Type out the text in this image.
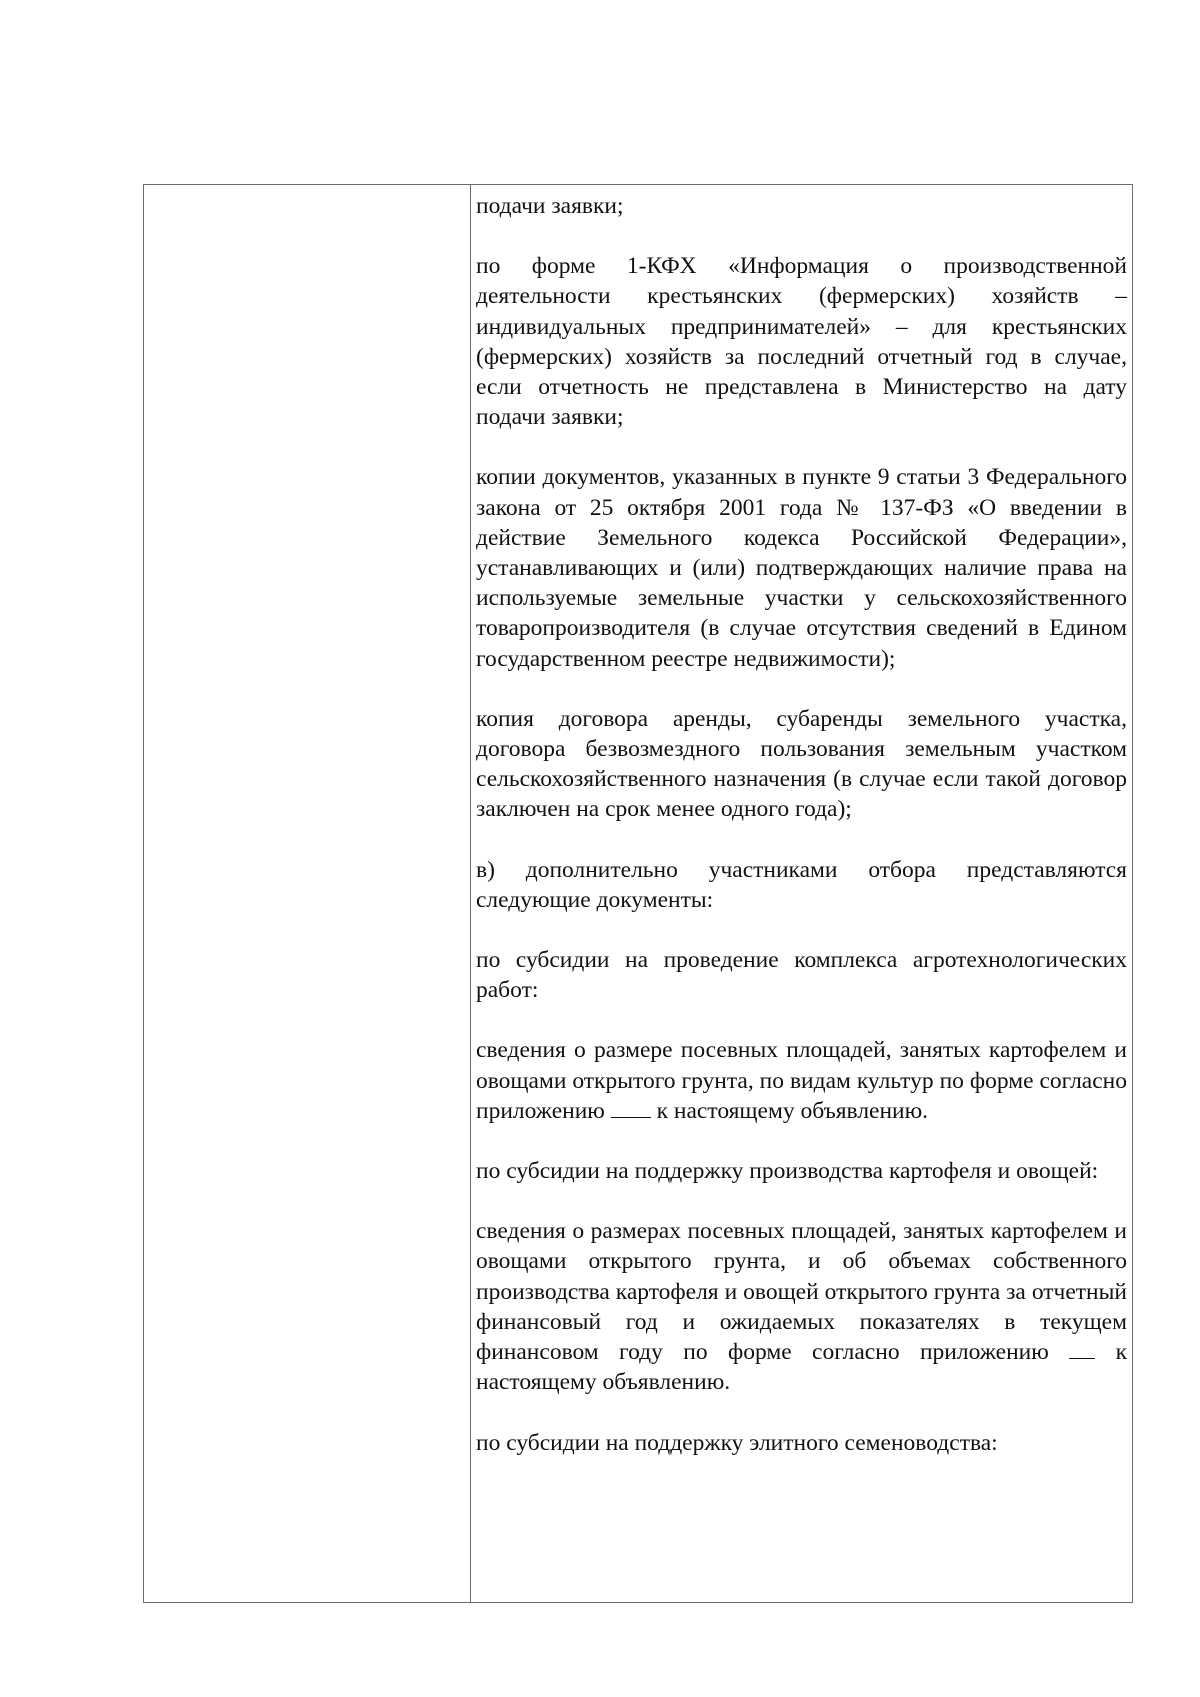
подачи заявки;

по форме 1-КФХ «Информация о производственной деятельности крестьянских (фермерских) хозяйств – индивидуальных предпринимателей» – для крестьянских (фермерских) хозяйств за последний отчетный год в случае, если отчетность не представлена в Министерство на дату подачи заявки;

копии документов, указанных в пункте 9 статьи 3 Федерального закона от 25 октября 2001 года № 137-ФЗ «О введении в действие Земельного кодекса Российской Федерации», устанавливающих и (или) подтверждающих наличие права на используемые земельные участки у сельскохозяйственного товаропроизводителя (в случае отсутствия сведений в Едином государственном реестре недвижимости);

копия договора аренды, субаренды земельного участка, договора безвозмездного пользования земельным участком сельскохозяйственного назначения (в случае если такой договор заключен на срок менее одного года);

в) дополнительно участниками отбора представляются следующие документы:

по субсидии на проведение комплекса агротехнологических работ:

сведения о размере посевных площадей, занятых картофелем и овощами открытого грунта, по видам культур по форме согласно приложению к настоящему объявлению.

по субсидии на поддержку производства картофеля и овощей:

сведения о размерах посевных площадей, занятых картофелем и овощами открытого грунта, и об объемах собственного производства картофеля и овощей открытого грунта за отчетный финансовый год и ожидаемых показателях в текущем финансовом году по форме согласно приложению	к настоящему объявлению.

по субсидии на поддержку элитного семеноводства:
